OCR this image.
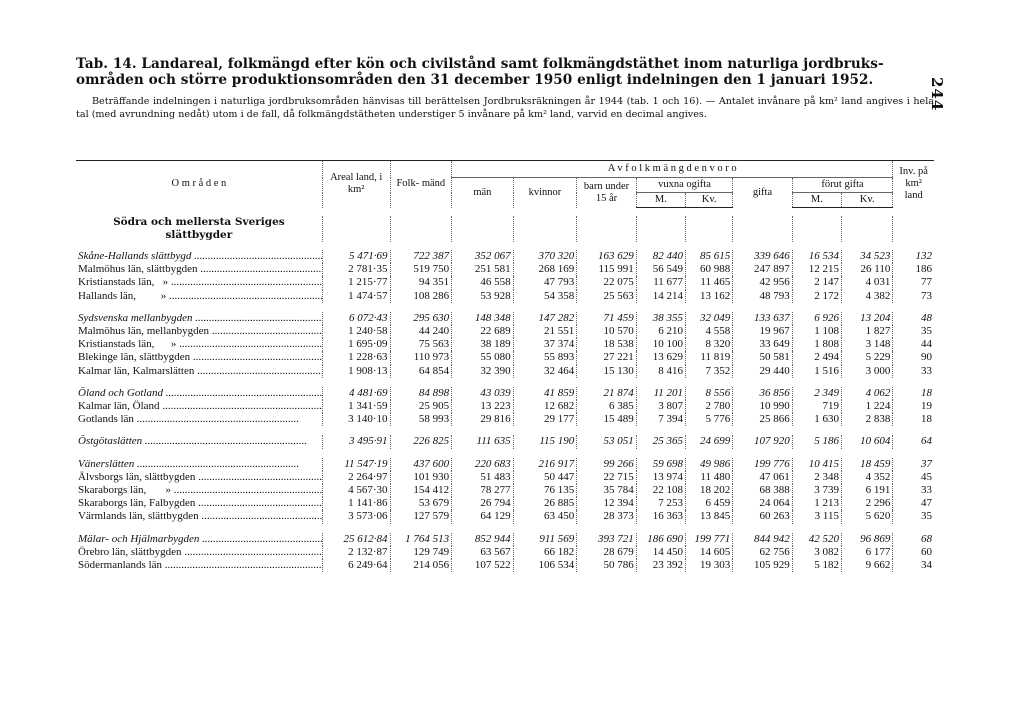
Tab. 14. Landareal, folkmängd efter kön och civilstånd samt folkmängdstäthet inom naturliga jordbruks-
områden och större produktionsområden den 31 december 1950 enligt indelningen den 1 januari 1952.
Beträffande indelningen i naturliga jordbruksområden hänvisas till berättelsen Jordbruksräkningen år 1944 (tab. 1 och 16). — Antalet invånare på km² land angives i hela tal (med avrundning nedåt) utom i de fall, då folkmängdstätheten understiger 5 invånare på km² land, varvid en decimal angives.
244
O m r å d e n	Areal land, i km²	Folk- mänd	A v f o l k m ä n g d e n v o r o								Inv. på km² land
			män	kvinnor	barn under 15 år	vuxna ogifta		gifta	förut gifta		
						M.	Kv.		M.	Kv.	

Södra och mellersta Sveriges slättbygder											

Skåne-Hallands slättbygd .....	5 471·69	722 387	352 067	370 320	163 629	82 440	85 615	339 646	16 534	34 523	132
Malmöhus län, slättbygden .....	2 781·35	519 750	251 581	268 169	115 991	56 549	60 988	247 897	12 215	26 110	186
Kristianstads län,   » .....	1 215·77	94 351	46 558	47 793	22 075	11 677	11 465	42 956	2 147	4 031	77
Hallands län,         » .....	1 474·57	108 286	53 928	54 358	25 563	14 214	13 162	48 793	2 172	4 382	73

Sydsvenska mellanbygden .....	6 072·43	295 630	148 348	147 282	71 459	38 355	32 049	133 637	6 926	13 204	48
Malmöhus län, mellanbygden .....	1 240·58	44 240	22 689	21 551	10 570	6 210	4 558	19 967	1 108	1 827	35
Kristianstads län,      » .....	1 695·09	75 563	38 189	37 374	18 538	10 100	8 320	33 649	1 808	3 148	44
Blekinge län, slättbygden .....	1 228·63	110 973	55 080	55 893	27 221	13 629	11 819	50 581	2 494	5 229	90
Kalmar län, Kalmarslätten .....	1 908·13	64 854	32 390	32 464	15 130	8 416	7 352	29 440	1 516	3 000	33

Öland och Gotland .....	4 481·69	84 898	43 039	41 859	21 874	11 201	8 556	36 856	2 349	4 062	18
Kalmar län, Öland .....	1 341·59	25 905	13 223	12 682	6 385	3 807	2 780	10 990	719	1 224	19
Gotlands län .....	3 140·10	58 993	29 816	29 177	15 489	7 394	5 776	25 866	1 630	2 838	18

Östgötaslätten .....	3 495·91	226 825	111 635	115 190	53 051	25 365	24 699	107 920	5 186	10 604	64

Vänerslätten .....	11 547·19	437 600	220 683	216 917	99 266	59 698	49 986	199 776	10 415	18 459	37
Älvsborgs län, slättbygden .....	2 264·97	101 930	51 483	50 447	22 715	13 974	11 480	47 061	2 348	4 352	45
Skaraborgs län,       » .....	4 567·30	154 412	78 277	76 135	35 784	22 108	18 202	68 388	3 739	6 191	33
Skaraborgs län, Falbygden .....	1 141·86	53 679	26 794	26 885	12 394	7 253	6 459	24 064	1 213	2 296	47
Värmlands län, slättbygden .....	3 573·06	127 579	64 129	63 450	28 373	16 363	13 845	60 263	3 115	5 620	35

Mälar- och Hjälmarbygden .....	25 612·84	1 764 513	852 944	911 569	393 721	186 690	199 771	844 942	42 520	96 869	68
Örebro län, slättbygden .....	2 132·87	129 749	63 567	66 182	28 679	14 450	14 605	62 756	3 082	6 177	60
Södermanlands län .....	6 249·64	214 056	107 522	106 534	50 786	23 392	19 303	105 929	5 182	9 662	34
